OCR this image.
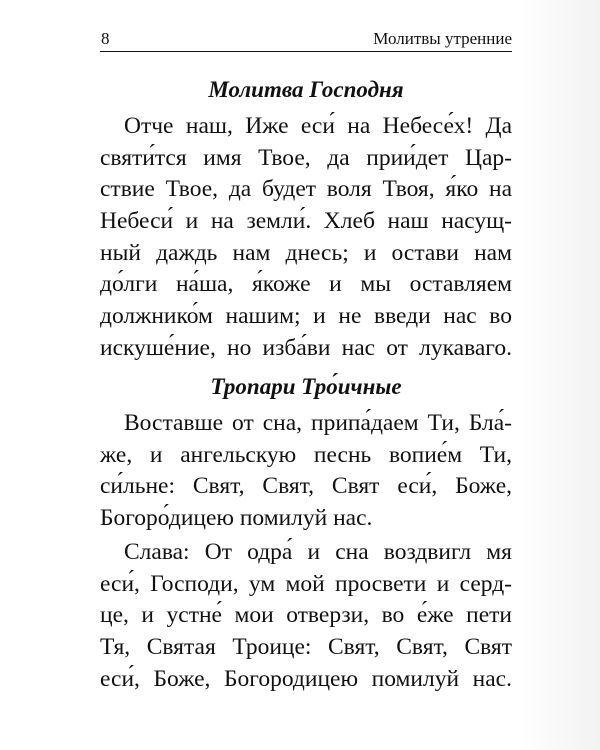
8	Молитвы утренние
Молитва Господня

Отче наш, Иже еси́ на Небесе́х! Да
святи́тся имя Твое, да прии́дет Цар-
ствие Твое, да будет воля Твоя, я́ко на
Небеси́ и на земли́. Хлеб наш насущ-
ный даждь нам днесь; и остави нам
до́лги на́ша, я́коже и мы оставляем
должнико́м нашим; и не введи нас во
искуше́ние, но изба́ви нас от лукаваго.

Тропари Тро́ичные

Воставше от сна, припа́даем Ти, Бла́-
же, и ангельскую песнь вопие́м Ти,
си́льне: Свят, Свят, Свят еси́, Боже,
Богоро́дицею помилуй нас.

Слава: От одра́ и сна воздвигл мя
еси́, Господи, ум мой просвети и серд-
це, и устне́ мои отверзи, во е́же пети
Тя, Святая Троице: Свят, Свят, Свят
еси́, Боже, Богородицею помилуй нас.
